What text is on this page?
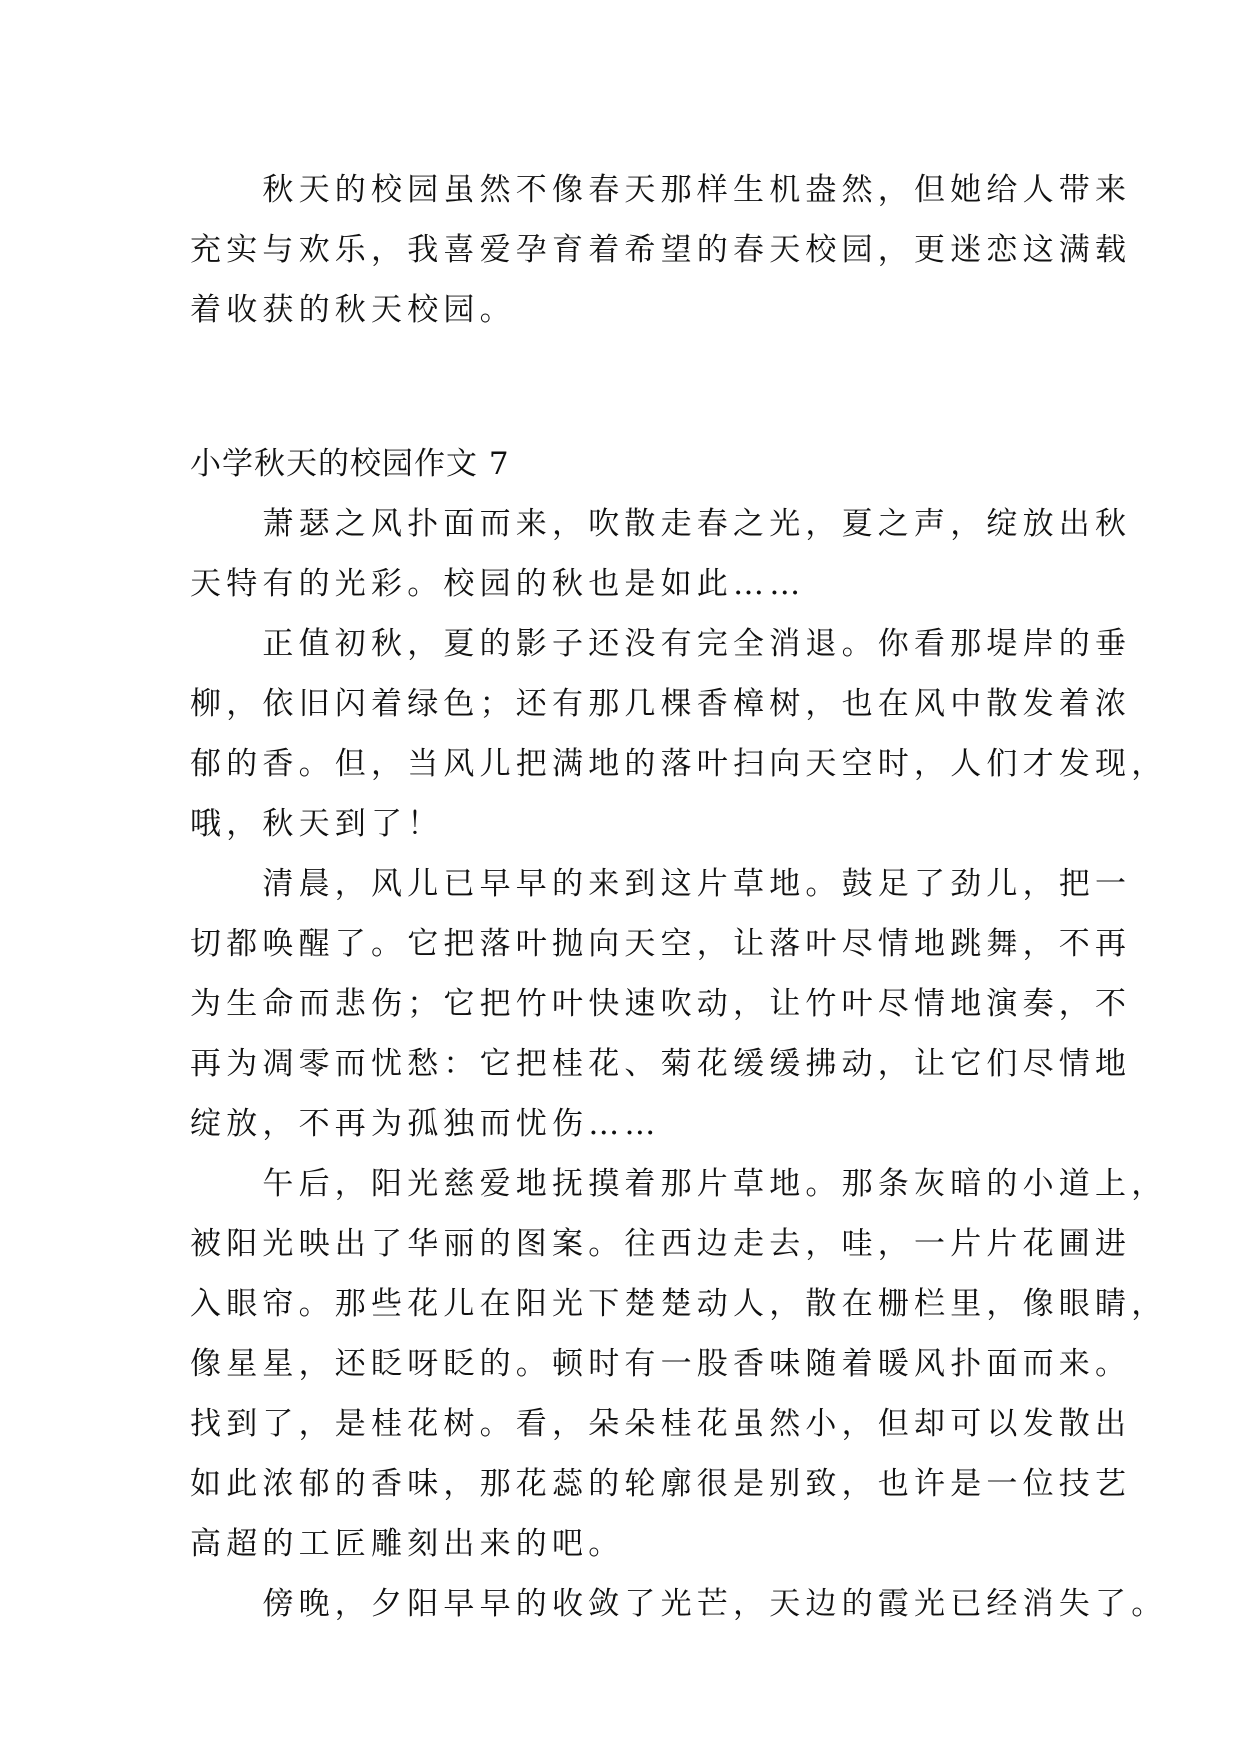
　　秋天的校园虽然不像春天那样生机盎然，但她给人带来
充实与欢乐，我喜爱孕育着希望的春天校园，更迷恋这满载
着收获的秋天校园。
小学秋天的校园作文 7
　　萧瑟之风扑面而来，吹散走春之光，夏之声，绽放出秋
天特有的光彩。校园的秋也是如此……
　　正值初秋，夏的影子还没有完全消退。你看那堤岸的垂
柳，依旧闪着绿色；还有那几棵香樟树，也在风中散发着浓
郁的香。但，当风儿把满地的落叶扫向天空时，人们才发现，
哦，秋天到了！
　　清晨，风儿已早早的来到这片草地。鼓足了劲儿，把一
切都唤醒了。它把落叶抛向天空，让落叶尽情地跳舞，不再
为生命而悲伤；它把竹叶快速吹动，让竹叶尽情地演奏，不
再为凋零而忧愁：它把桂花、菊花缓缓拂动，让它们尽情地
绽放，不再为孤独而忧伤……
　　午后，阳光慈爱地抚摸着那片草地。那条灰暗的小道上，
被阳光映出了华丽的图案。往西边走去，哇，一片片花圃进
入眼帘。那些花儿在阳光下楚楚动人，散在栅栏里，像眼睛，
像星星，还眨呀眨的。顿时有一股香味随着暖风扑面而来。
找到了，是桂花树。看，朵朵桂花虽然小，但却可以发散出
如此浓郁的香味，那花蕊的轮廓很是别致，也许是一位技艺
高超的工匠雕刻出来的吧。
　　傍晚，夕阳早早的收敛了光芒，天边的霞光已经消失了。
